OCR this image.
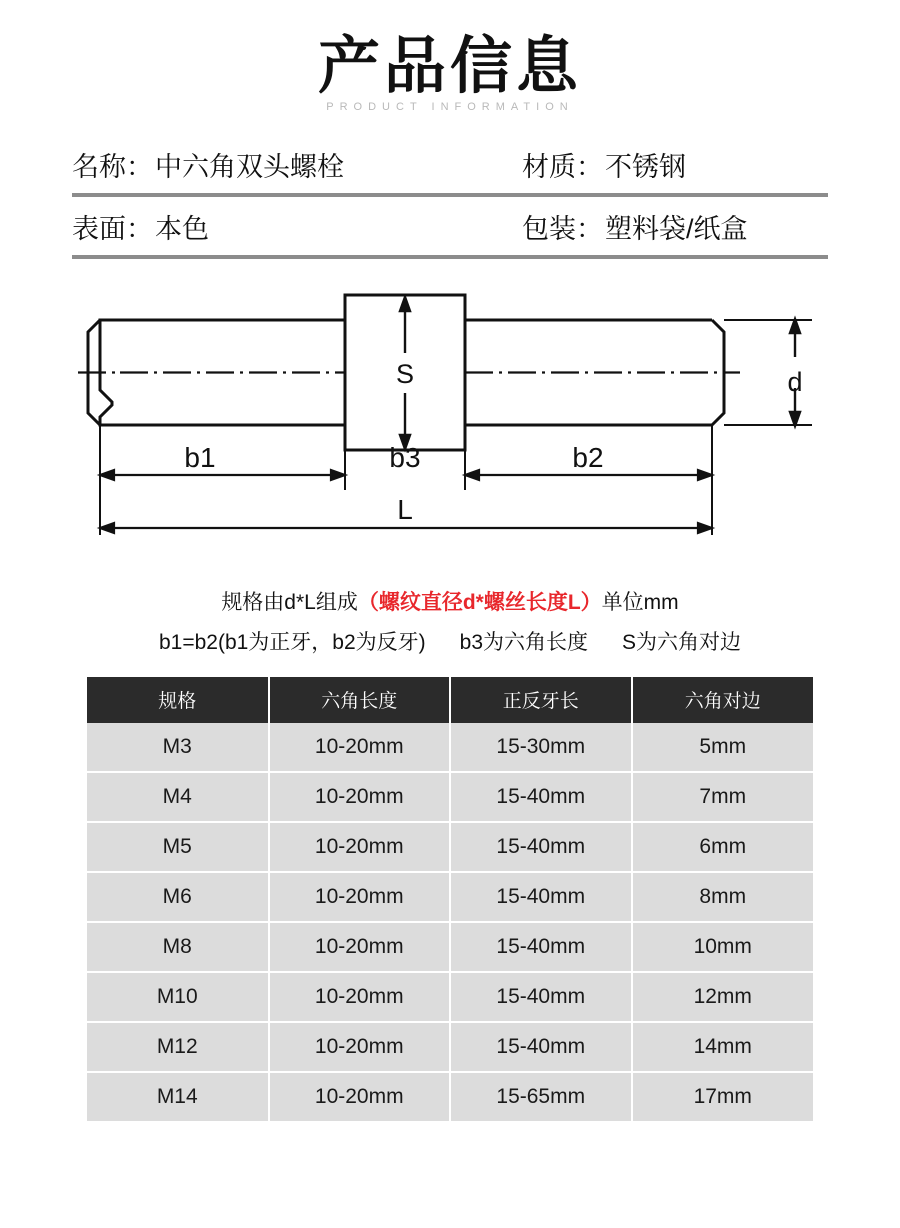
产品信息
PRODUCT INFORMATION
名称： 中六角双头螺栓	材质： 不锈钢
表面： 本色	包装： 塑料袋/纸盒
S	d
b1	b3	b2
L
规格由d*L组成（螺纹直径d*螺丝长度L）单位mm
b1=b2(b1为正牙，b2为反牙) b3为六角长度 S为六角对边
规格	六角长度	正反牙长	六角对边
M3	10-20mm	15-30mm	5mm
M4	10-20mm	15-40mm	7mm
M5	10-20mm	15-40mm	6mm
M6	10-20mm	15-40mm	8mm
M8	10-20mm	15-40mm	10mm
M10	10-20mm	15-40mm	12mm
M12	10-20mm	15-40mm	14mm
M14	10-20mm	15-65mm	17mm
